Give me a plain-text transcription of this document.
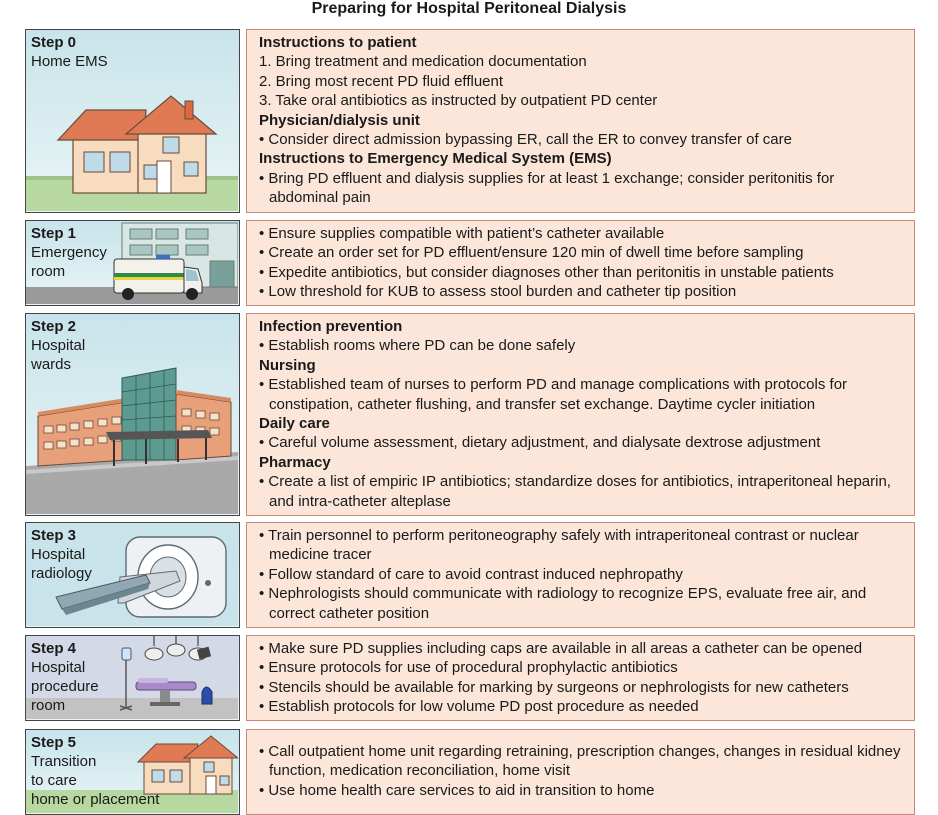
Preparing for Hospital Peritoneal Dialysis
Step 0
Home EMS
Step 1
Emergency
room
Step 2
Hospital
wards
Step 3
Hospital
radiology
Step 4
Hospital
procedure
room
Step 5
Transition
to care
home or placement
Instructions to patient
1. Bring treatment and medication documentation
2. Bring most recent PD fluid effluent
3. Take oral antibiotics as instructed by outpatient PD center
Physician/dialysis unit
• Consider direct admission bypassing ER, call the ER to convey transfer of care
Instructions to Emergency Medical System (EMS)
• Bring PD effluent and dialysis supplies for at least 1 exchange; consider peritonitis for abdominal pain
• Ensure supplies compatible with patient’s catheter available
• Create an order set for PD effluent/ensure 120 min of dwell time before sampling
• Expedite antibiotics, but consider diagnoses other than peritonitis in unstable patients
• Low threshold for KUB to assess stool burden and catheter tip position
Infection prevention
• Establish rooms where PD can be done safely
Nursing
• Established team of nurses to perform PD and manage complications with protocols for constipation, catheter flushing, and transfer set exchange. Daytime cycler initiation
Daily care
• Careful volume assessment, dietary adjustment, and dialysate dextrose adjustment
Pharmacy
• Create a list of empiric IP antibiotics; standardize doses for antibiotics, intraperitoneal heparin, and intra-catheter alteplase
• Train personnel to perform peritoneography safely with intraperitoneal contrast or nuclear medicine tracer
• Follow standard of care to avoid contrast induced nephropathy
• Nephrologists should communicate with radiology to recognize EPS, evaluate free air, and correct catheter position
• Make sure PD supplies including caps are available in all areas a catheter can be opened
• Ensure protocols for use of procedural prophylactic antibiotics
• Stencils should be available for marking by surgeons or nephrologists for new catheters
• Establish protocols for low volume PD post procedure as needed
• Call outpatient home unit regarding retraining, prescription changes, changes in residual kidney function, medication reconciliation, home visit
• Use home health care services to aid in transition to home
